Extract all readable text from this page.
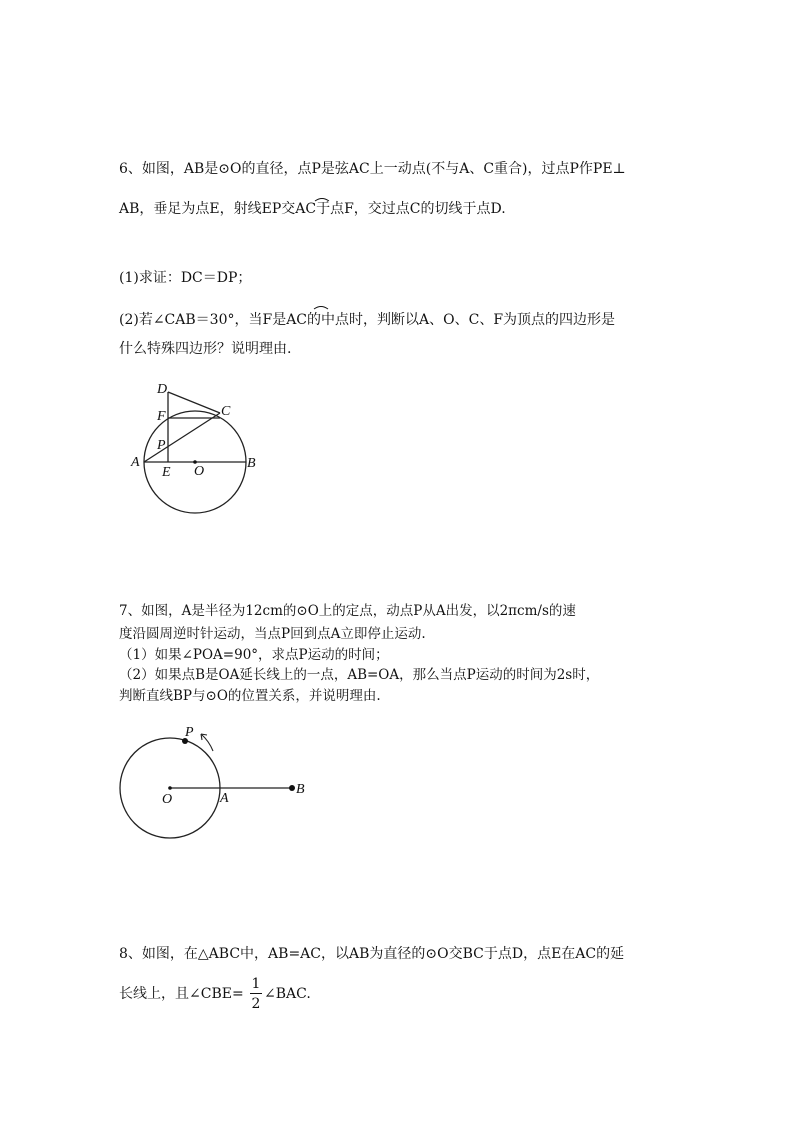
6、如图，AB是⊙O的直径，点P是弦AC上一动点(不与A、C重合)，过点P作PE⊥
AB，垂足为点E，射线EP交AC于点F，交过点C的切线于点D.
(1)求证：DC＝DP；
(2)若∠CAB＝30°，当F是AC的中点时，判断以A、O、C、F为顶点的四边形是
什么特殊四边形？说明理由.
D
F	C
P
A
E O
B
7、如图，A是半径为12cm的⊙O上的定点，动点P从A出发，以2πcm/s的速
度沿圆周逆时针运动，当点P回到点A立即停止运动.
（1）如果∠POA=90°，求点P运动的时间；
（2）如果点B是OA延长线上的一点，AB=OA，那么当点P运动的时间为2s时，
判断直线BP与⊙O的位置关系，并说明理由.
P
O	A
B
8、如图，在△ABC中，AB=AC，以AB为直径的⊙O交BC于点D，点E在AC的延
长线上，且∠CBE=
1
2
∠BAC.
